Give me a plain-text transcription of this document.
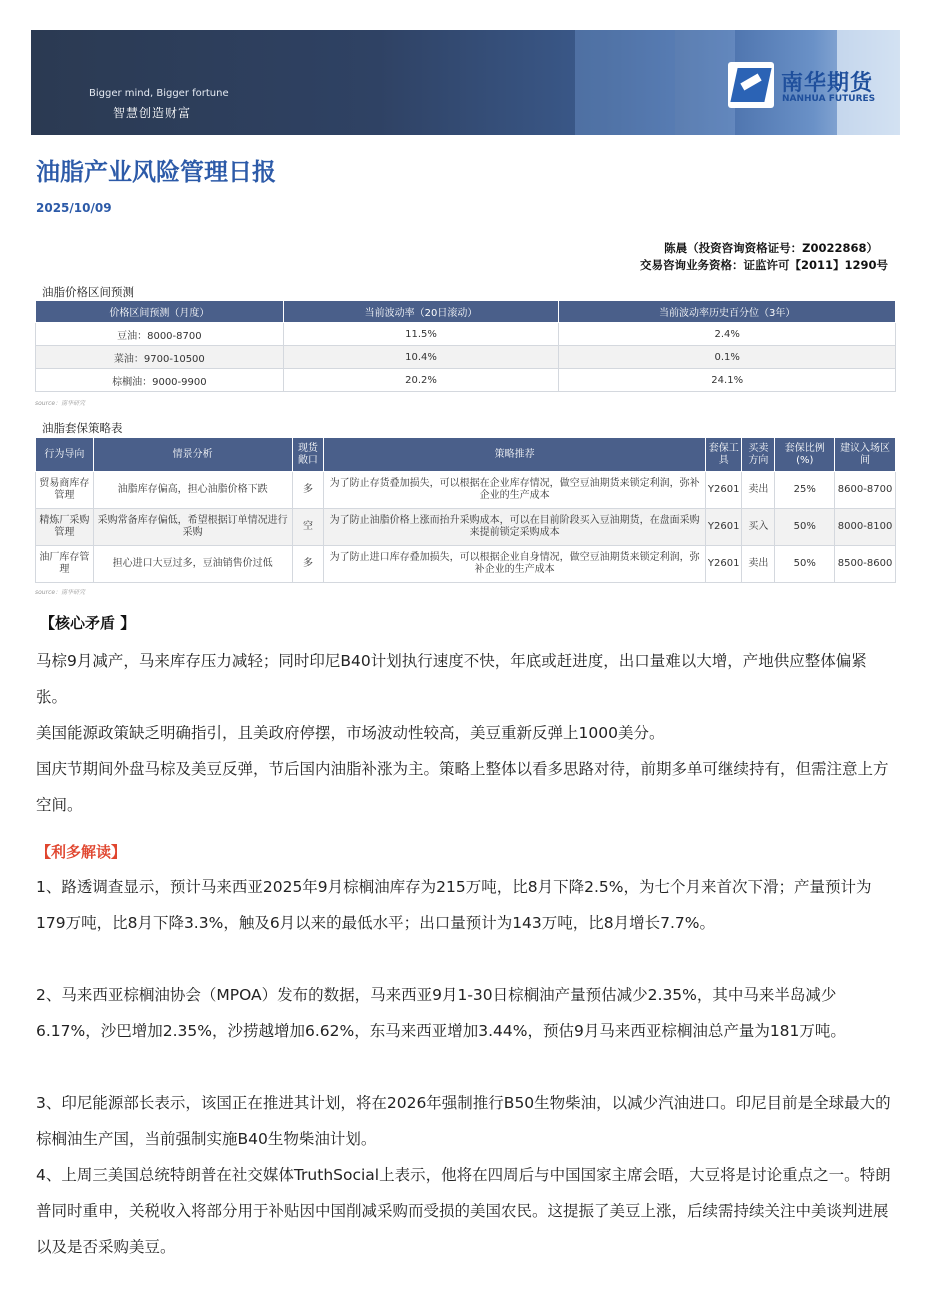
Bigger mind, Bigger fortune
智慧创造财富
南华期货
NANHUA FUTURES
油脂产业风险管理日报
2025/10/09
陈晨（投资咨询资格证号：Z0022868）
交易咨询业务资格：证监许可【2011】1290号
油脂价格区间预测
价格区间预测（月度）	当前波动率（20日滚动）	当前波动率历史百分位（3年）
豆油：8000-8700	11.5%	2.4%
菜油：9700-10500	10.4%	0.1%
棕榈油：9000-9900	20.2%	24.1%
source：南华研究
油脂套保策略表
行为导向	情景分析	现货敞口	策略推荐	套保工具	买卖方向	套保比例(%)	建议入场区间
贸易商库存管理	油脂库存偏高，担心油脂价格下跌	多	为了防止存货叠加损失，可以根据在企业库存情况，做空豆油期货来锁定利润，弥补企业的生产成本	Y2601	卖出	25%	8600-8700
精炼厂采购管理	采购常备库存偏低，希望根据订单情况进行采购	空	为了防止油脂价格上涨而抬升采购成本，可以在目前阶段买入豆油期货，在盘面采购来提前锁定采购成本	Y2601	买入	50%	8000-8100
油厂库存管理	担心进口大豆过多，豆油销售价过低	多	为了防止进口库存叠加损失，可以根据企业自身情况，做空豆油期货来锁定利润，弥补企业的生产成本	Y2601	卖出	50%	8500-8600
source：南华研究
【核心矛盾 】
马棕9月减产，马来库存压力减轻；同时印尼B40计划执行速度不快，年底或赶进度，出口量难以大增，产地供应整体偏紧张。
美国能源政策缺乏明确指引，且美政府停摆，市场波动性较高，美豆重新反弹上1000美分。
国庆节期间外盘马棕及美豆反弹，节后国内油脂补涨为主。策略上整体以看多思路对待，前期多单可继续持有，但需注意上方空间。
【利多解读】
1、路透调查显示，预计马来西亚2025年9月棕榈油库存为215万吨，比8月下降2.5%，为七个月来首次下滑；产量预计为179万吨，比8月下降3.3%，触及6月以来的最低水平；出口量预计为143万吨，比8月增长7.7%。
2、马来西亚棕榈油协会（MPOA）发布的数据，马来西亚9月1-30日棕榈油产量预估减少2.35%，其中马来半岛减少6.17%，沙巴增加2.35%，沙捞越增加6.62%，东马来西亚增加3.44%，预估9月马来西亚棕榈油总产量为181万吨。
3、印尼能源部长表示，该国正在推进其计划，将在2026年强制推行B50生物柴油，以减少汽油进口。印尼目前是全球最大的棕榈油生产国，当前强制实施B40生物柴油计划。
4、上周三美国总统特朗普在社交媒体TruthSocial上表示，他将在四周后与中国国家主席会晤，大豆将是讨论重点之一。特朗普同时重申，关税收入将部分用于补贴因中国削减采购而受损的美国农民。这提振了美豆上涨，后续需持续关注中美谈判进展以及是否采购美豆。
